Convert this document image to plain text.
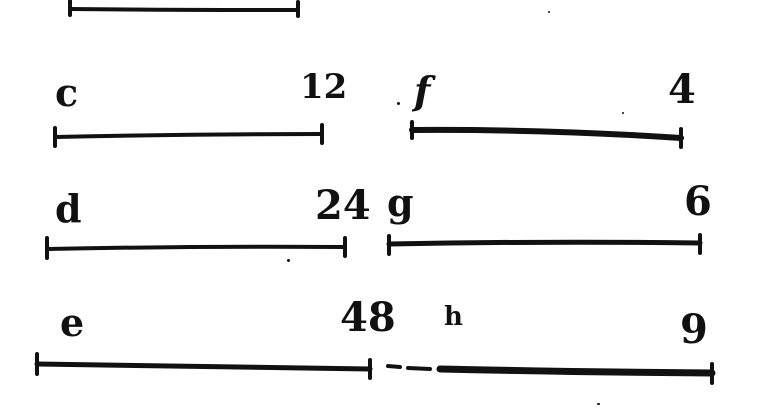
c	12 f	4
d	24 g	6
e	48 h	9
